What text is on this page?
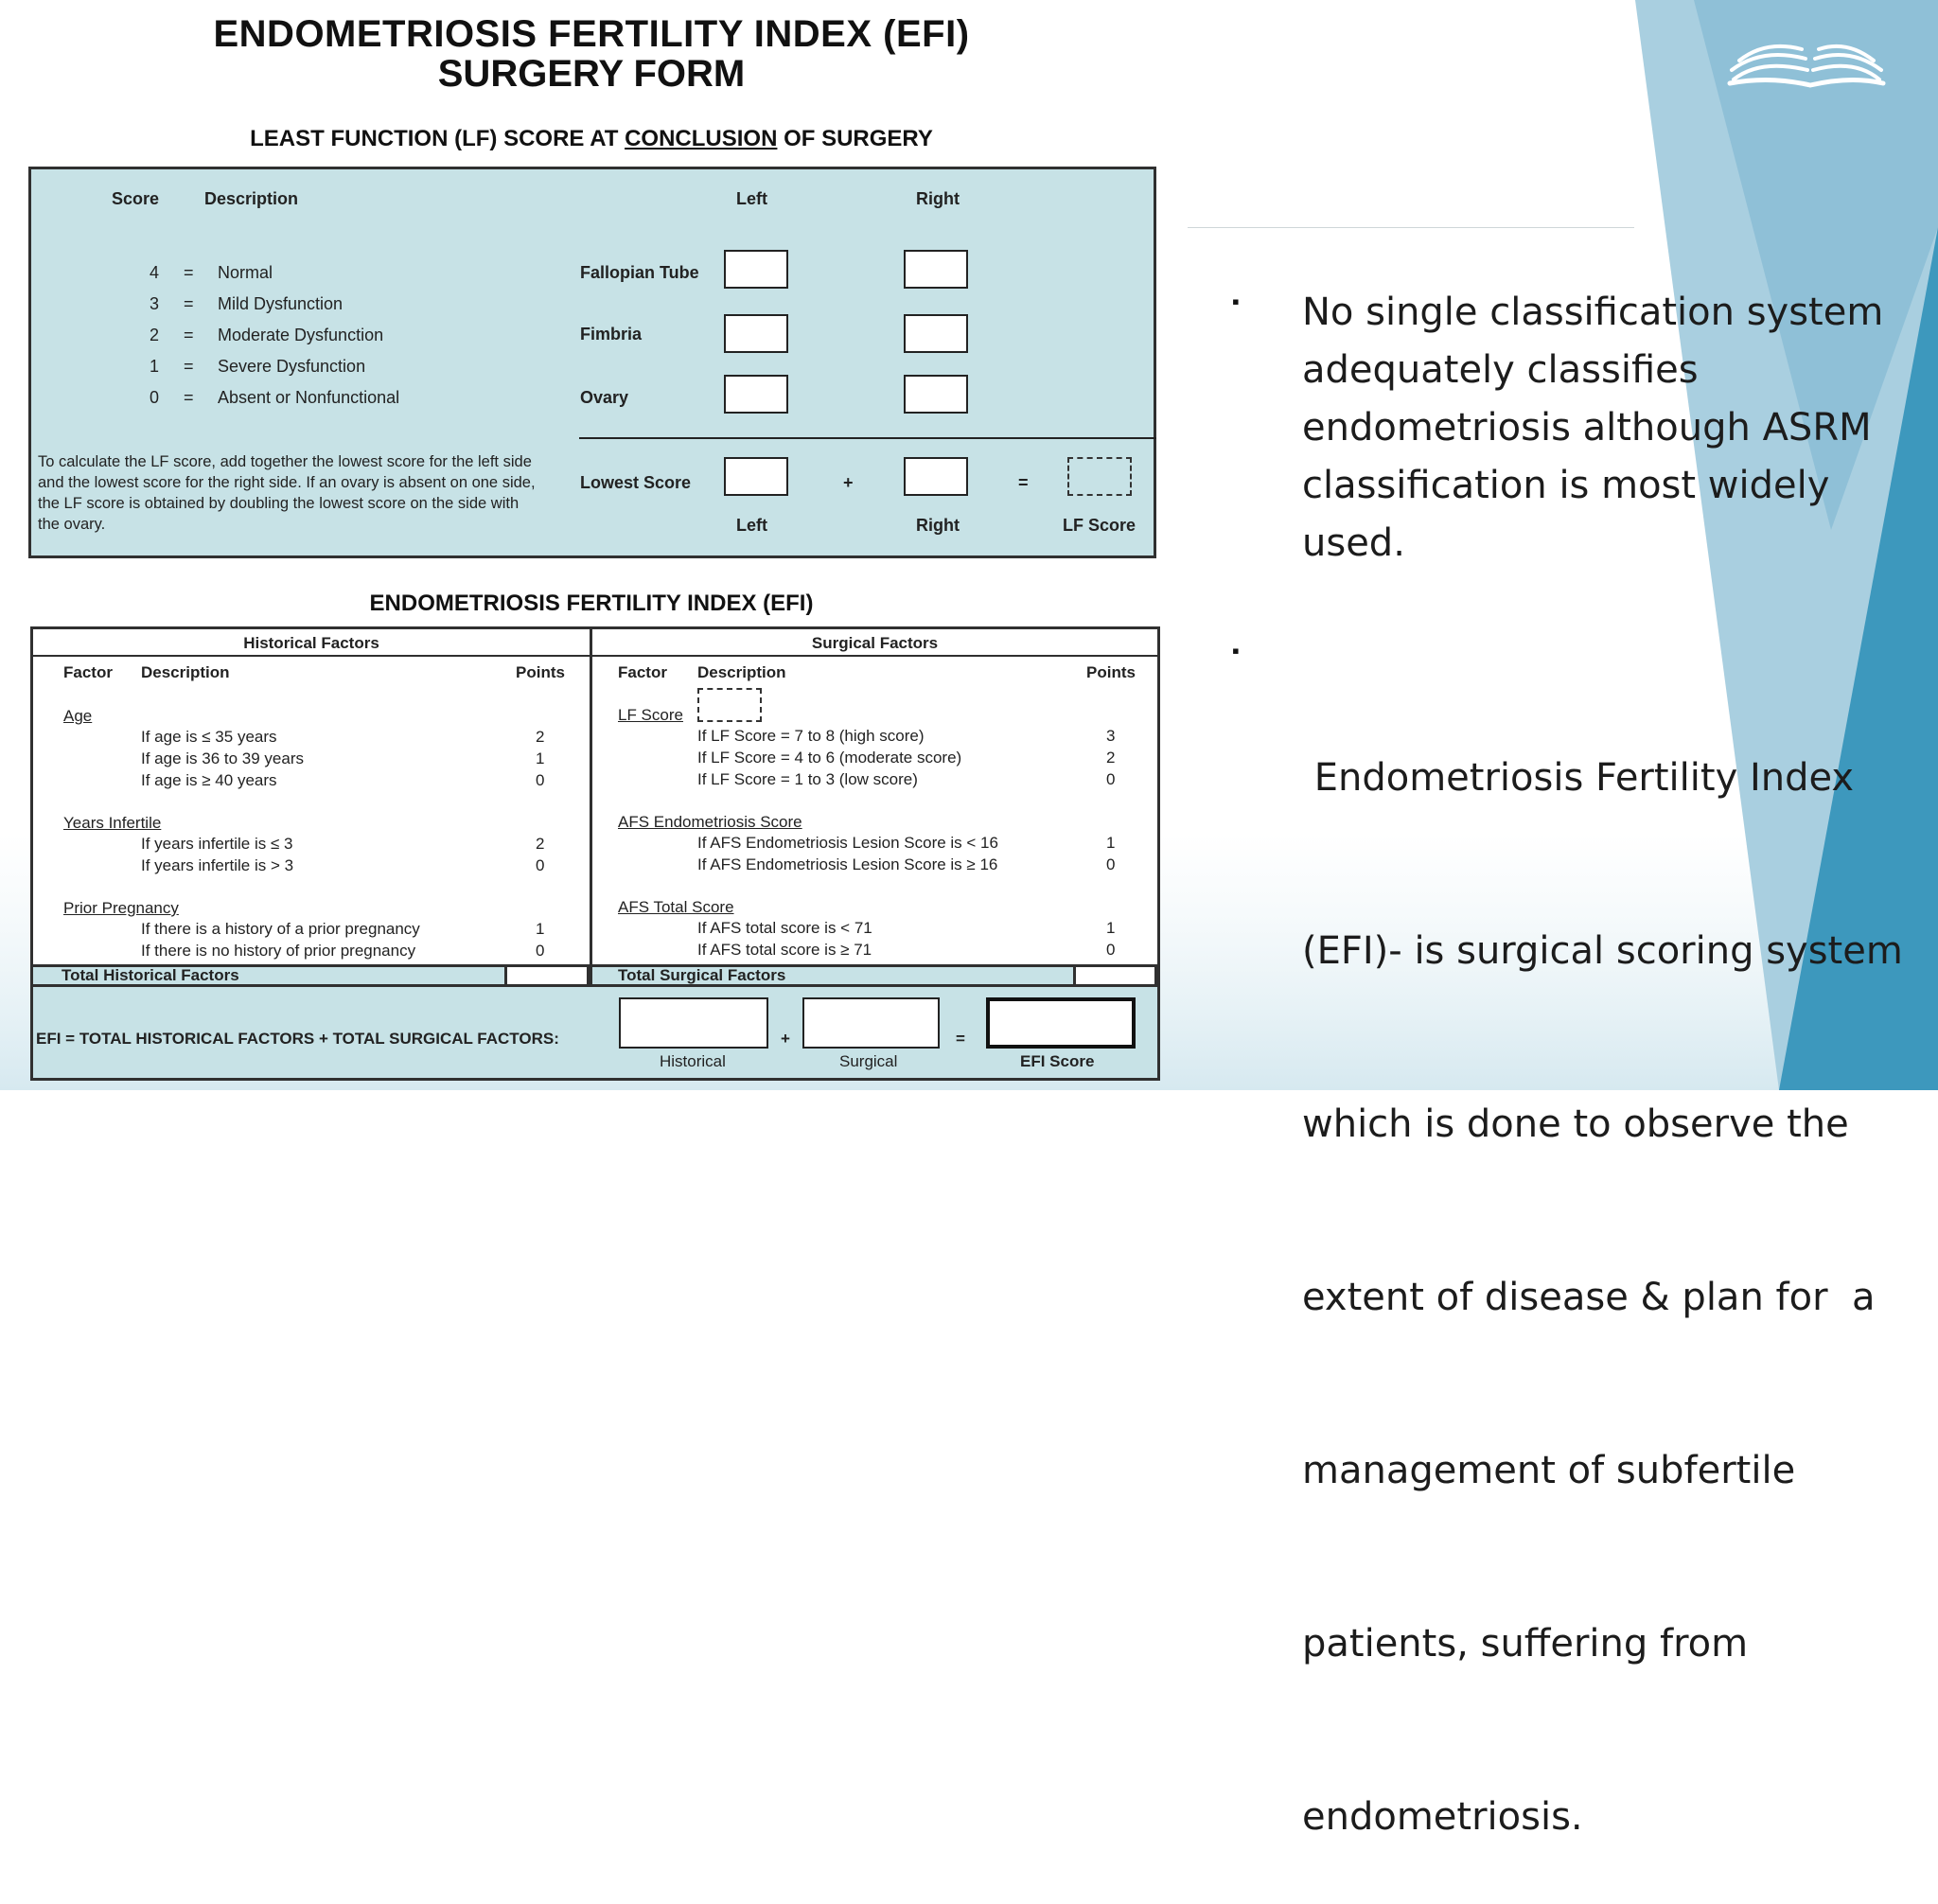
ENDOMETRIOSIS FERTILITY INDEX (EFI)
SURGERY FORM
LEAST FUNCTION (LF) SCORE AT CONCLUSION OF SURGERY
Score	Description	Left	Right
4 = Normal
3 = Mild Dysfunction
2 = Moderate Dysfunction
1 = Severe Dysfunction
0 = Absent or Nonfunctional
Fallopian Tube
Fimbria
Ovary
Lowest Score	+	=
Left	Right	LF Score
To calculate the LF score, add together the lowest score for the left side and the lowest score for the right side. If an ovary is absent on one side, the LF score is obtained by doubling the lowest score on the side with the ovary.
ENDOMETRIOSIS FERTILITY INDEX (EFI)
Historical Factors	Surgical Factors
Factor Description	Points
Age
If age is ≤ 35 years	2
If age is 36 to 39 years	1
If age is ≥ 40 years	0
Years Infertile
If years infertile is ≤ 3	2
If years infertile is > 3	0
Prior Pregnancy
If there is a history of a prior pregnancy	1
If there is no history of prior pregnancy	0
Factor Description	Points
LF Score
If LF Score = 7 to 8 (high score)	3
If LF Score = 4 to 6 (moderate score)	2
If LF Score = 1 to 3 (low score)	0
AFS Endometriosis Score
If AFS Endometriosis Lesion Score is < 16	1
If AFS Endometriosis Lesion Score is ≥ 16	0
AFS Total Score
If AFS total score is < 71	1
If AFS total score is ≥ 71	0
Total Historical Factors	Total Surgical Factors
EFI = TOTAL HISTORICAL FACTORS + TOTAL SURGICAL FACTORS:	+	=
Historical	Surgical	EFI Score
▪ No single classification system
adequately classifies
endometriosis although ASRM
classification is most widely
used.
▪

Endometriosis Fertility Index

(EFI)- is surgical scoring system

which is done to observe the

extent of disease & plan for  a

management of subfertile

patients, suffering from

endometriosis.
